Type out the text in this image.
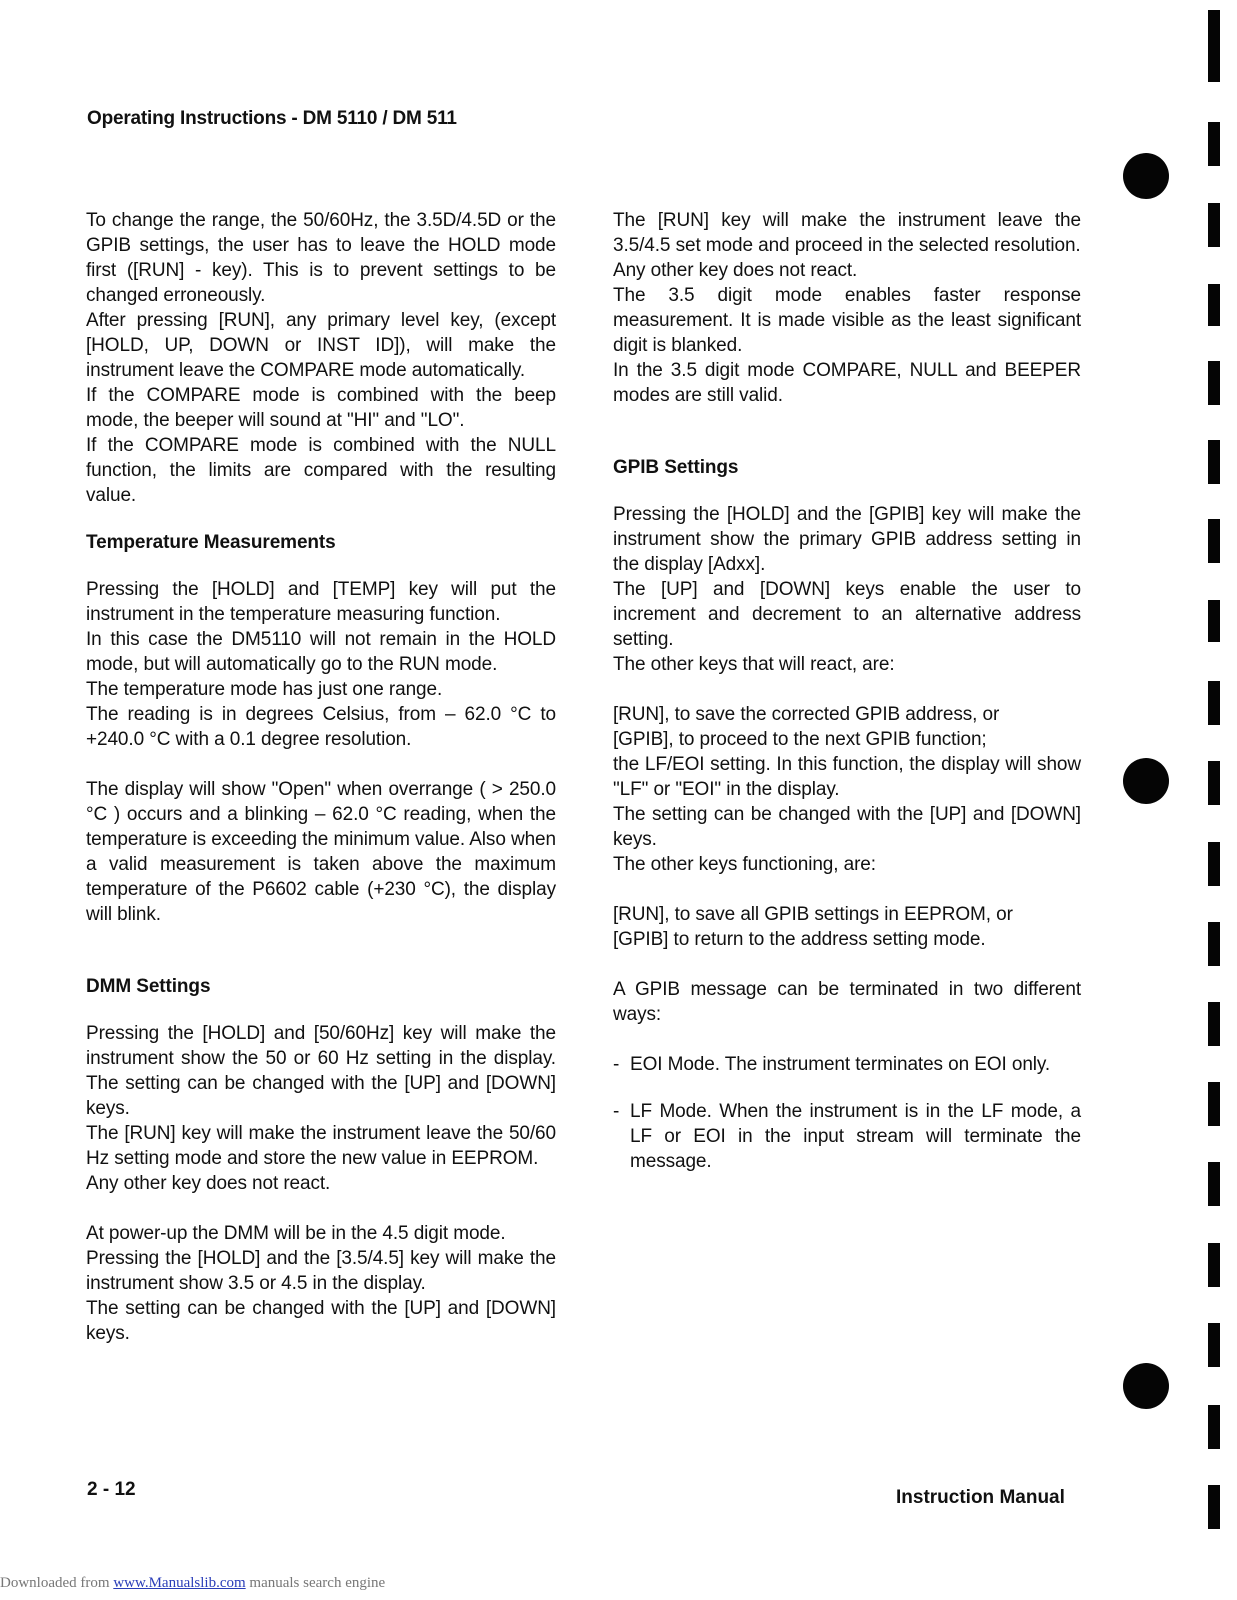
Operating Instructions - DM 5110 / DM 511

To change the range, the 50/60Hz, the 3.5D/4.5D or the GPIB settings, the user has to leave the HOLD mode first ([RUN] - key). This is to prevent settings to be changed erroneously.

After pressing [RUN], any primary level key, (except [HOLD, UP, DOWN or INST ID]), will make the instrument leave the COMPARE mode automatically.

If the COMPARE mode is combined with the beep mode, the beeper will sound at "HI" and "LO".

If the COMPARE mode is combined with the NULL function, the limits are compared with the resulting value.

Temperature Measurements

Pressing the [HOLD] and [TEMP] key will put the instrument in the temperature measuring function.

In this case the DM5110 will not remain in the HOLD mode, but will automatically go to the RUN mode.

The temperature mode has just one range.

The reading is in degrees Celsius, from – 62.0 °C to +240.0 °C with a 0.1 degree resolution.

The display will show "Open" when overrange ( > 250.0 °C ) occurs and a blinking – 62.0 °C reading, when the temperature is exceeding the minimum value. Also when a valid measurement is taken above the maximum temperature of the P6602 cable (+230 °C), the display will blink.

DMM Settings

Pressing the [HOLD] and [50/60Hz] key will make the instrument show the 50 or 60 Hz setting in the display. The setting can be changed with the [UP] and [DOWN] keys.

The [RUN] key will make the instrument leave the 50/60 Hz setting mode and store the new value in EEPROM.

Any other key does not react.

At power-up the DMM will be in the 4.5 digit mode.

Pressing the [HOLD] and the [3.5/4.5] key will make the instrument show 3.5 or 4.5 in the display.

The setting can be changed with the [UP] and [DOWN] keys.

The [RUN] key will make the instrument leave the 3.5/4.5 set mode and proceed in the selected resolution.

Any other key does not react.

The 3.5 digit mode enables faster response measurement. It is made visible as the least significant digit is blanked.

In the 3.5 digit mode COMPARE, NULL and BEEPER modes are still valid.

GPIB Settings

Pressing the [HOLD] and the [GPIB] key will make the instrument show the primary GPIB address setting in the display [Adxx].

The [UP] and [DOWN] keys enable the user to increment and decrement to an alternative address setting.

The other keys that will react, are:

[RUN], to save the corrected GPIB address, or

[GPIB], to proceed to the next GPIB function;

the LF/EOI setting. In this function, the display will show "LF" or "EOI" in the display.

The setting can be changed with the [UP] and [DOWN] keys.

The other keys functioning, are:

[RUN], to save all GPIB settings in EEPROM, or

[GPIB] to return to the address setting mode.

A GPIB message can be terminated in two different ways:

- EOI Mode. The instrument terminates on EOI only.
- LF Mode. When the instrument is in the LF mode, a LF or EOI in the input stream will terminate the message.
2 - 12	Instruction Manual
Downloaded from www.Manualslib.com manuals search engine
